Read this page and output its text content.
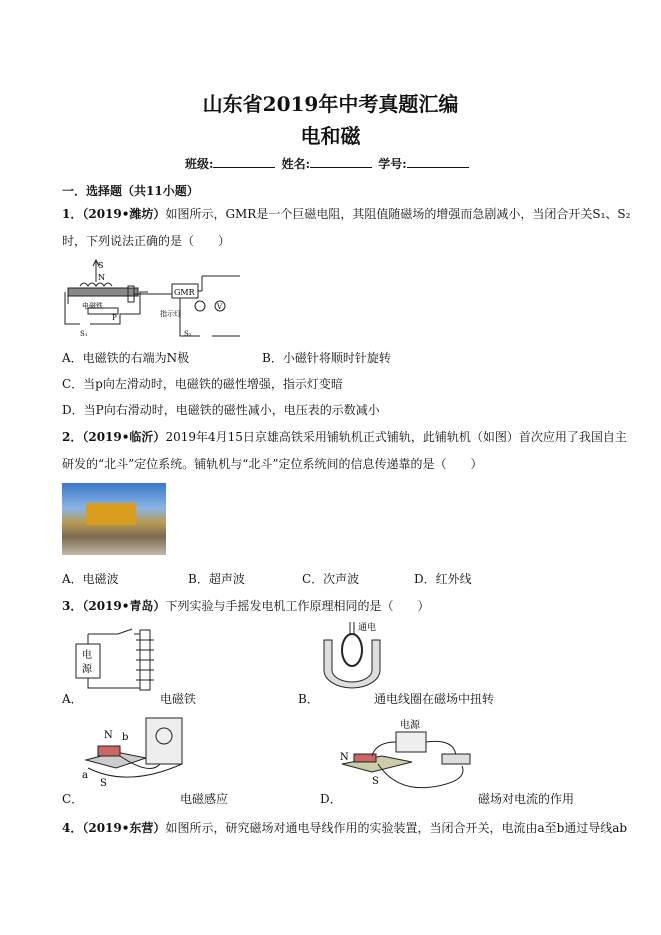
山东省2019年中考真题汇编
电和磁
班级:	姓名:	学号:
一．选择题（共11小题）
1．（2019•潍坊）如图所示，GMR是一个巨磁电阻，其阻值随磁场的增强而急剧减小，当闭合开关S₁、S₂
时，下列说法正确的是（　　）
S
N
电磁铁
P
S₁
GMR
指示灯
S₂
V
A．电磁铁的右端为N极	B．小磁针将顺时针旋转
C．当p向左滑动时，电磁铁的磁性增强，指示灯变暗
D．当P向右滑动时，电磁铁的磁性减小，电压表的示数减小
2．（2019•临沂）2019年4月15日京雄高铁采用铺轨机正式铺轨，此铺轨机（如图）首次应用了我国自主
研发的“北斗”定位系统。铺轨机与“北斗”定位系统间的信息传递靠的是（　　）
A．电磁波	B．超声波	C．次声波	D．红外线
3．（2019•青岛）下列实验与手摇发电机工作原理相同的是（　　）
电
源
A．	电磁铁
通电
B．	通电线圈在磁场中扭转
N b
a
S
C．	电磁感应
电源
N
S
D．	磁场对电流的作用
4．（2019•东营）如图所示，研究磁场对通电导线作用的实验装置，当闭合开关，电流由a至b通过导线ab
